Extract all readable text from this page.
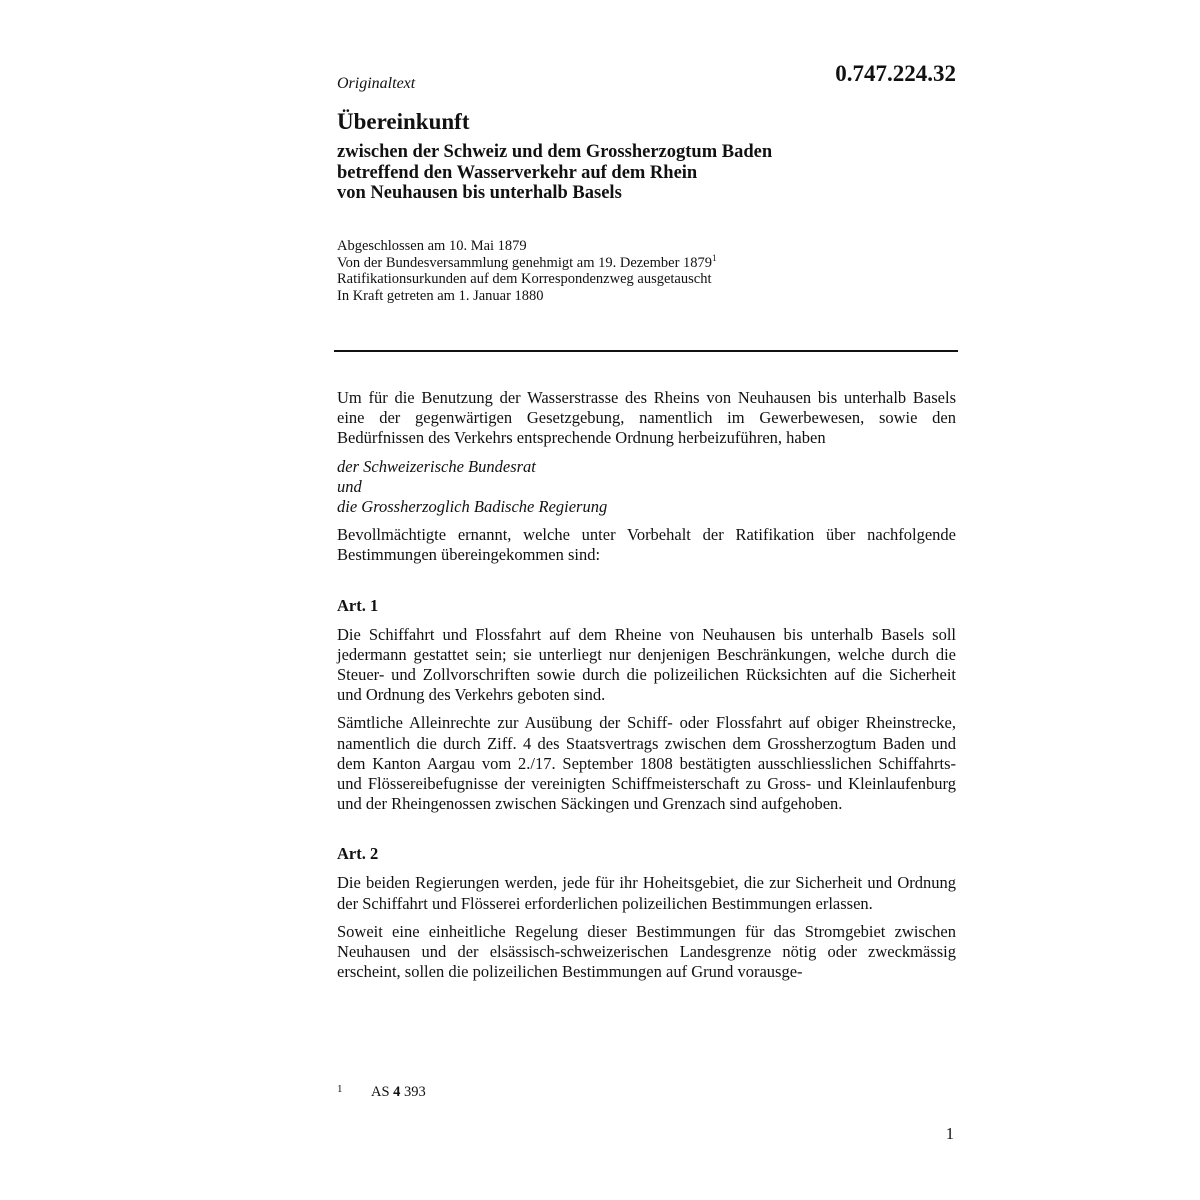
0.747.224.32
Originaltext
Übereinkunft
zwischen der Schweiz und dem Grossherzogtum Baden
betreffend den Wasserverkehr auf dem Rhein
von Neuhausen bis unterhalb Basels
Abgeschlossen am 10. Mai 1879
Von der Bundesversammlung genehmigt am 19. Dezember 1879$^1$
Ratifikationsurkunden auf dem Korrespondenzweg ausgetauscht
In Kraft getreten am 1. Januar 1880

Um für die Benutzung der Wasserstrasse des Rheins von Neuhausen bis unterhalb Basels eine der gegenwärtigen Gesetzgebung, namentlich im Gewerbewesen, sowie den Bedürfnissen des Verkehrs entsprechende Ordnung herbeizuführen, haben

der Schweizerische Bundesrat

und

die Grossherzoglich Badische Regierung

Bevollmächtigte ernannt, welche unter Vorbehalt der Ratifikation über nachfolgende Bestimmungen übereingekommen sind:

Art. 1

Die Schiffahrt und Flossfahrt auf dem Rheine von Neuhausen bis unterhalb Basels soll jedermann gestattet sein; sie unterliegt nur denjenigen Beschränkungen, welche durch die Steuer- und Zollvorschriften sowie durch die polizeilichen Rücksichten auf die Sicherheit und Ordnung des Verkehrs geboten sind.

Sämtliche Alleinrechte zur Ausübung der Schiff- oder Flossfahrt auf obiger Rheinstrecke, namentlich die durch Ziff. 4 des Staatsvertrags zwischen dem Grossherzogtum Baden und dem Kanton Aargau vom 2./17. September 1808 bestätigten ausschliesslichen Schiffahrts- und Flössereibefugnisse der vereinigten Schiffmeisterschaft zu Gross- und Kleinlaufenburg und der Rheingenossen zwischen Säckingen und Grenzach sind aufgehoben.

Art. 2

Die beiden Regierungen werden, jede für ihr Hoheitsgebiet, die zur Sicherheit und Ordnung der Schiffahrt und Flösserei erforderlichen polizeilichen Bestimmungen erlassen.

Soweit eine einheitliche Regelung dieser Bestimmungen für das Stromgebiet zwischen Neuhausen und der elsässisch-schweizerischen Landesgrenze nötig oder zweckmässig erscheint, sollen die polizeilichen Bestimmungen auf Grund vorausge-

1 AS 4 393
1
